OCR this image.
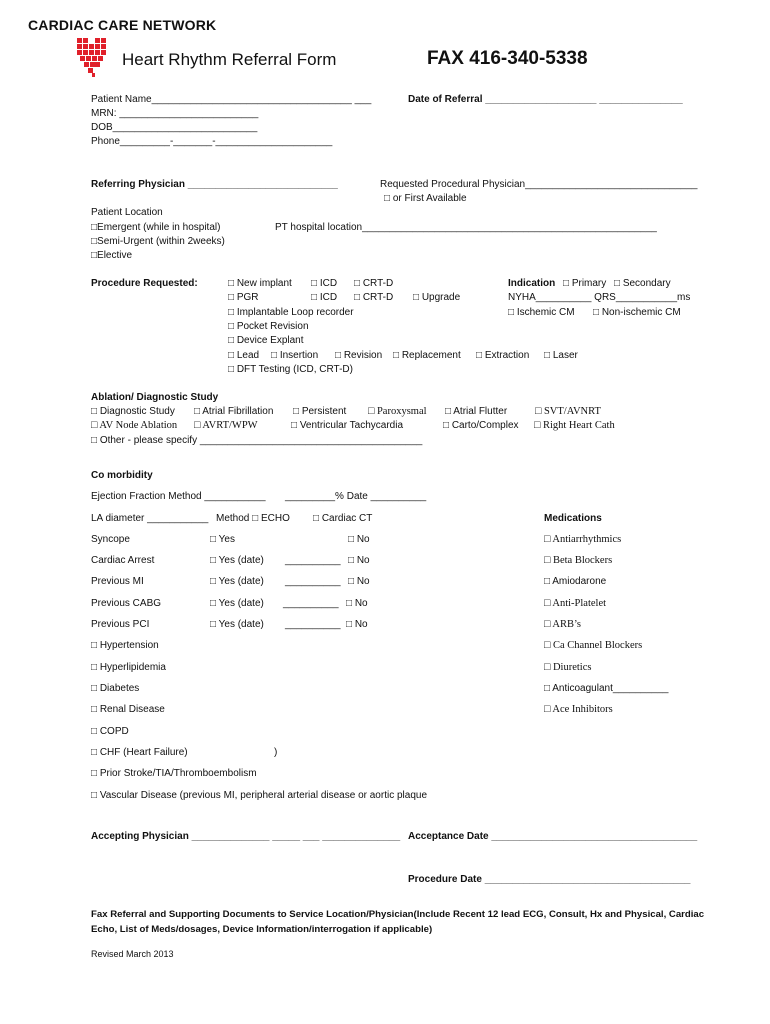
CARDIAC CARE NETWORK
Heart Rhythm Referral Form	FAX 416-340-5338
Patient Name____________________________________ ___
MRN: _________________________
DOB__________________________
Phone_________-_______-_____________________
Date of Referral ____________________ _______________
Referring Physician ___________________________	Requested Procedural Physician_______________________________
□ or First Available
Patient Location
□Emergent (while in hospital)
□Semi-Urgent (within 2weeks)
□Elective
PT hospital location_____________________________________________________
Procedure Requested:	□ New implant □ ICD □ CRT-D
□ PGR	□ ICD □ CRT-D □ Upgrade
□ Implantable Loop recorder
□ Pocket Revision
□ Device Explant
□ Lead □ Insertion □ Revision □ Replacement □ Extraction □ Laser
□ DFT Testing (ICD, CRT-D)
Indication □ Primary □ Secondary
NYHA__________ QRS___________ms
□ Ischemic CM □ Non-ischemic CM
Ablation/ Diagnostic Study
□ Diagnostic Study □ Atrial Fibrillation □ Persistent □ Paroxysmal □ Atrial Flutter	□ SVT/AVNRT
□ AV Node Ablation □ AVRT/WPW	□ Ventricular Tachycardia	□ Carto/Complex □ Right Heart Cath
□ Other - please specify ________________________________________
Co morbidity
Ejection Fraction Method ___________ _________% Date __________
LA diameter ___________ Method □ ECHO □ Cardiac CT
Syncope	□ Yes	□ No
Cardiac Arrest	□ Yes (date) __________ □ No
Previous MI	□ Yes (date) __________ □ No
Previous CABG	□ Yes (date) __________ □ No
Previous PCI	□ Yes (date) __________ □ No
□ Hypertension
□ Hyperlipidemia
□ Diabetes
□ Renal Disease
□ COPD
□ CHF (Heart Failure)	)
□ Prior Stroke/TIA/Thromboembolism
□ Vascular Disease (previous MI, peripheral arterial disease or aortic plaque
Medications
□ Antiarrhythmics
□ Beta Blockers
□ Amiodarone
□ Anti-Platelet
□ ARB’s
□ Ca Channel Blockers
□ Diuretics
□ Anticoagulant__________
□ Ace Inhibitors
Accepting Physician ______________ _____ ___ ______________ Acceptance Date _____________________________________
Procedure Date _____________________________________
Fax Referral and Supporting Documents to Service Location/Physician(Include Recent 12 lead ECG, Consult, Hx and Physical, Cardiac
Echo, List of Meds/dosages, Device Information/interrogation if applicable)
Revised March 2013
